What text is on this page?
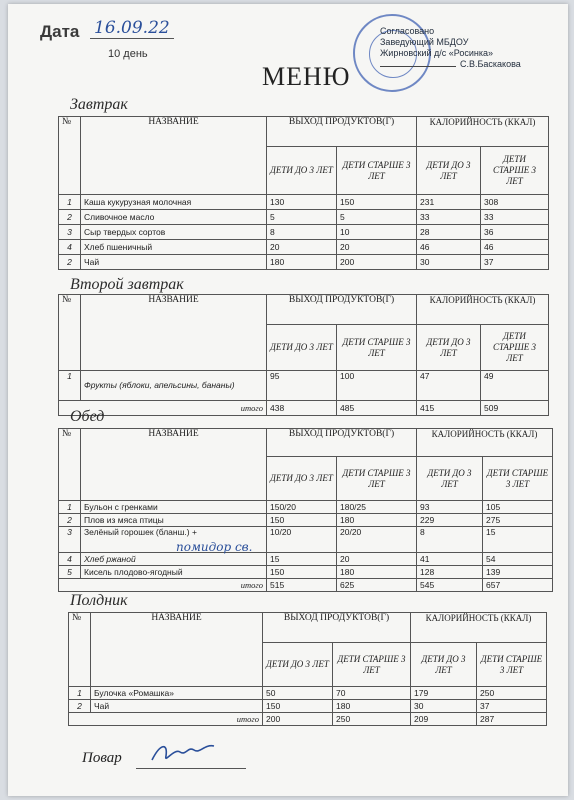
Дата 16.09.22
10 день
Согласовано
Заведующий МБДОУ
Жирновский д/с «Росинка»
С.В.Баскакова
МЕНЮ
Завтрак
№	НАЗВАНИЕ	ВЫХОД ПРОДУКТОВ(Г)		КАЛОРИЙНОСТЬ (ККАЛ)	
		ДЕТИ ДО 3 ЛЕТ	ДЕТИ СТАРШЕ 3 ЛЕТ	ДЕТИ ДО 3 ЛЕТ	ДЕТИ СТАРШЕ 3 ЛЕТ
1	Каша кукурузная молочная	130	150	231	308
2	Сливочное масло	5	5	33	33
3	Сыр твердых сортов	8	10	28	36
4	Хлеб пшеничный	20	20	46	46
2	Чай	180	200	30	37
Второй завтрак
№	НАЗВАНИЕ	ВЫХОД ПРОДУКТОВ(Г)		КАЛОРИЙНОСТЬ (ККАЛ)	
		ДЕТИ ДО 3 ЛЕТ	ДЕТИ СТАРШЕ 3 ЛЕТ	ДЕТИ ДО 3 ЛЕТ	ДЕТИ СТАРШЕ 3 ЛЕТ
1	Фрукты (яблоки, апельсины, бананы)	95	100	47	49
итого		438	485	415	509
Обед
№	НАЗВАНИЕ	ВЫХОД ПРОДУКТОВ(Г)		КАЛОРИЙНОСТЬ (ККАЛ)	
		ДЕТИ ДО 3 ЛЕТ	ДЕТИ СТАРШЕ 3 ЛЕТ	ДЕТИ ДО 3 ЛЕТ	ДЕТИ СТАРШЕ 3 ЛЕТ
1	Бульон с гренками	150/20	180/25	93	105
2	Плов из мяса птицы	150	180	229	275
3	Зелёный горошек (бланш.) +	10/20	20/20	8	15
4	Хлеб ржаной	15	20	41	54
5	Кисель плодово-ягодный	150	180	128	139
итого		515	625	545	657
помидор св.
Полдник
№	НАЗВАНИЕ	ВЫХОД ПРОДУКТОВ(Г)		КАЛОРИЙНОСТЬ (ККАЛ)	
		ДЕТИ ДО 3 ЛЕТ	ДЕТИ СТАРШЕ 3 ЛЕТ	ДЕТИ ДО 3 ЛЕТ	ДЕТИ СТАРШЕ 3 ЛЕТ
1	Булочка «Ромашка»	50	70	179	250
2	Чай	150	180	30	37
итого		200	250	209	287
Повар
